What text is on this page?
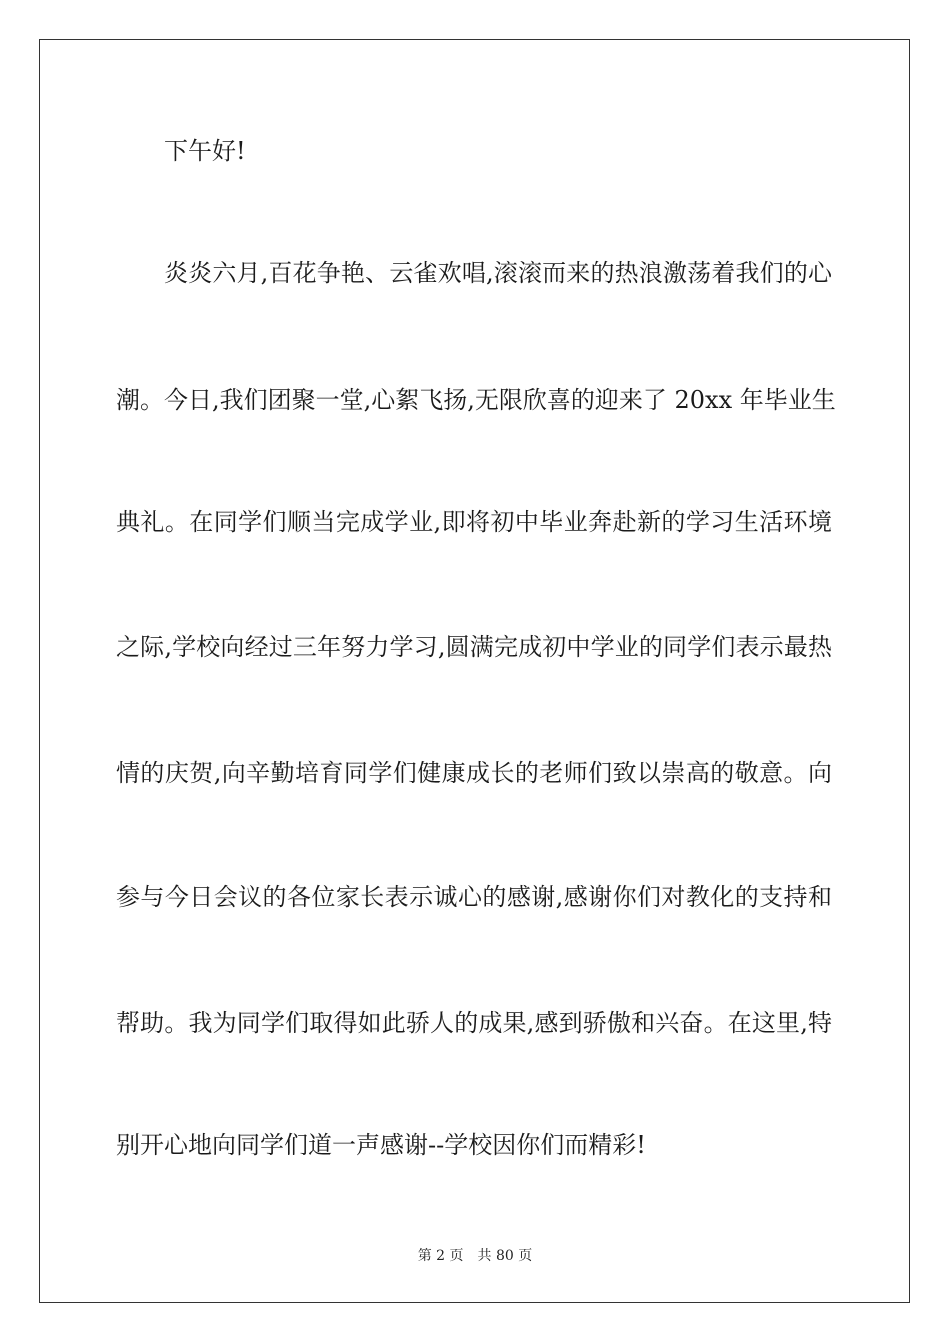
下午好!
炎炎六月,百花争艳、云雀欢唱,滚滚而来的热浪激荡着我们的心
潮。今日,我们团聚一堂,心絮飞扬,无限欣喜的迎来了 20xx 年毕业生
典礼。在同学们顺当完成学业,即将初中毕业奔赴新的学习生活环境
之际,学校向经过三年努力学习,圆满完成初中学业的同学们表示最热
情的庆贺,向辛勤培育同学们健康成长的老师们致以崇高的敬意。向
参与今日会议的各位家长表示诚心的感谢,感谢你们对教化的支持和
帮助。我为同学们取得如此骄人的成果,感到骄傲和兴奋。在这里,特
别开心地向同学们道一声感谢--学校因你们而精彩!
第 2 页 共 80 页
